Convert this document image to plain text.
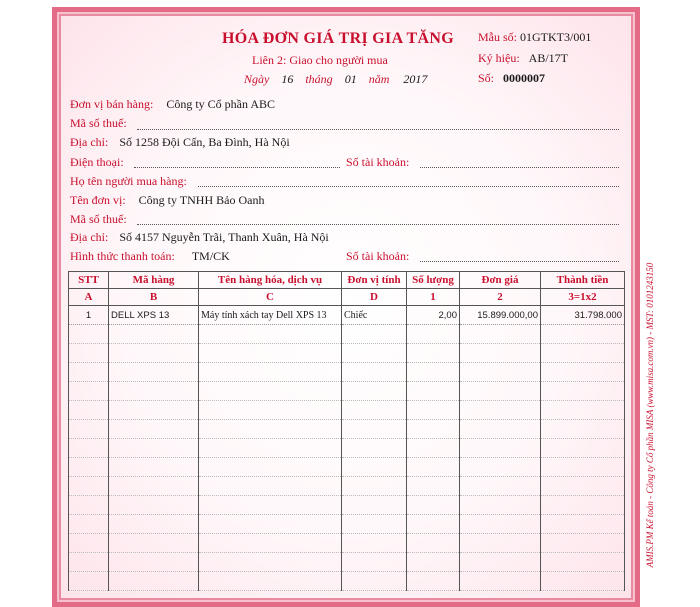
HÓA ĐƠN GIÁ TRỊ GIA TĂNG
Liên 2: Giao cho người mua
Ngày 16 tháng 01 năm 2017
Mẫu số: 01GTKT3/001
Ký hiệu: AB/17T
Số: 0000007
Đơn vị bán hàng: Công ty Cổ phần ABC
Mã số thuế:
Địa chỉ: Số 1258 Đội Cấn, Ba Đình, Hà Nội
Điện thoại:	Số tài khoản:
Họ tên người mua hàng:
Tên đơn vị: Công ty TNHH Bảo Oanh
Mã số thuế:
Địa chỉ: Số 4157 Nguyễn Trãi, Thanh Xuân, Hà Nội
Hình thức thanh toán: TM/CK	Số tài khoản:
STT	Mã hàng	Tên hàng hóa, dịch vụ	Đơn vị tính	Số lượng	Đơn giá	Thành tiền
A	B	C	D	1	2	3=1x2
1	DELL XPS 13	Máy tính xách tay Dell XPS 13	Chiếc	2,00	15.899.000,00	31.798.000

							AMIS.PM Kế toán - Công ty Cổ phần MISA (www.misa.com.vn) - MST: 0101243150
